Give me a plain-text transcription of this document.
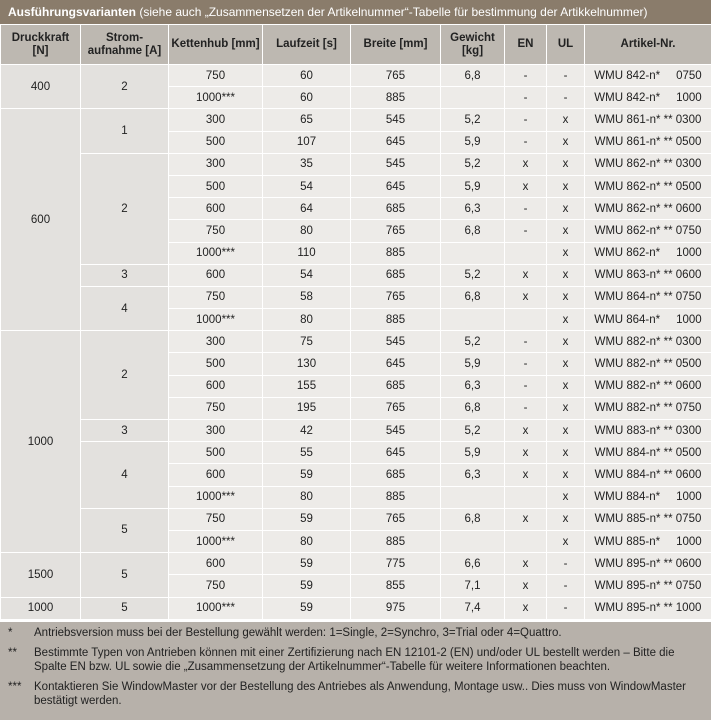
Ausführungsvarianten (siehe auch „Zusammensetzen der Artikelnummer“-Tabelle für bestimmung der Artikkelnummer)
Druckkraft [N]	Strom-aufnahme [A]	Kettenhub [mm]	Laufzeit [s]	Breite [mm]	Gewicht [kg]	EN	UL	Artikel-Nr.
400	2	750	60	765	6,8	-	-	WMU 842-n*     0750
		1000***	60	885		-	-	WMU 842-n*     1000
600	1	300	65	545	5,2	-	x	WMU 861-n* ** 0300
		500	107	645	5,9	-	x	WMU 861-n* ** 0500
	2	300	35	545	5,2	x	x	WMU 862-n* ** 0300
		500	54	645	5,9	x	x	WMU 862-n* ** 0500
		600	64	685	6,3	-	x	WMU 862-n* ** 0600
		750	80	765	6,8	-	x	WMU 862-n* ** 0750
		1000***	110	885			x	WMU 862-n*     1000
	3	600	54	685	5,2	x	x	WMU 863-n* ** 0600
	4	750	58	765	6,8	x	x	WMU 864-n* ** 0750
		1000***	80	885			x	WMU 864-n*     1000
1000	2	300	75	545	5,2	-	x	WMU 882-n* ** 0300
		500	130	645	5,9	-	x	WMU 882-n* ** 0500
		600	155	685	6,3	-	x	WMU 882-n* ** 0600
		750	195	765	6,8	-	x	WMU 882-n* ** 0750
	3	300	42	545	5,2	x	x	WMU 883-n* ** 0300
	4	500	55	645	5,9	x	x	WMU 884-n* ** 0500
		600	59	685	6,3	x	x	WMU 884-n* ** 0600
		1000***	80	885			x	WMU 884-n*     1000
	5	750	59	765	6,8	x	x	WMU 885-n* ** 0750
		1000***	80	885			x	WMU 885-n*     1000
1500	5	600	59	775	6,6	x	-	WMU 895-n* ** 0600
		750	59	855	7,1	x	-	WMU 895-n* ** 0750
1000	5	1000***	59	975	7,4	x	-	WMU 895-n* ** 1000
*	Antriebsversion muss bei der Bestellung gewählt werden: 1=Single, 2=Synchro, 3=Trial oder 4=Quattro.
**	Bestimmte Typen von Antrieben können mit einer Zertifizierung nach EN 12101-2 (EN) und/oder UL bestellt werden – Bitte die Spalte EN bzw. UL sowie die „Zusammensetzung der Artikelnummer“-Tabelle für weitere Informationen beachten.
***	Kontaktieren Sie WindowMaster vor der Bestellung des Antriebes als Anwendung, Montage usw.. Dies muss von WindowMaster bestätigt werden.
